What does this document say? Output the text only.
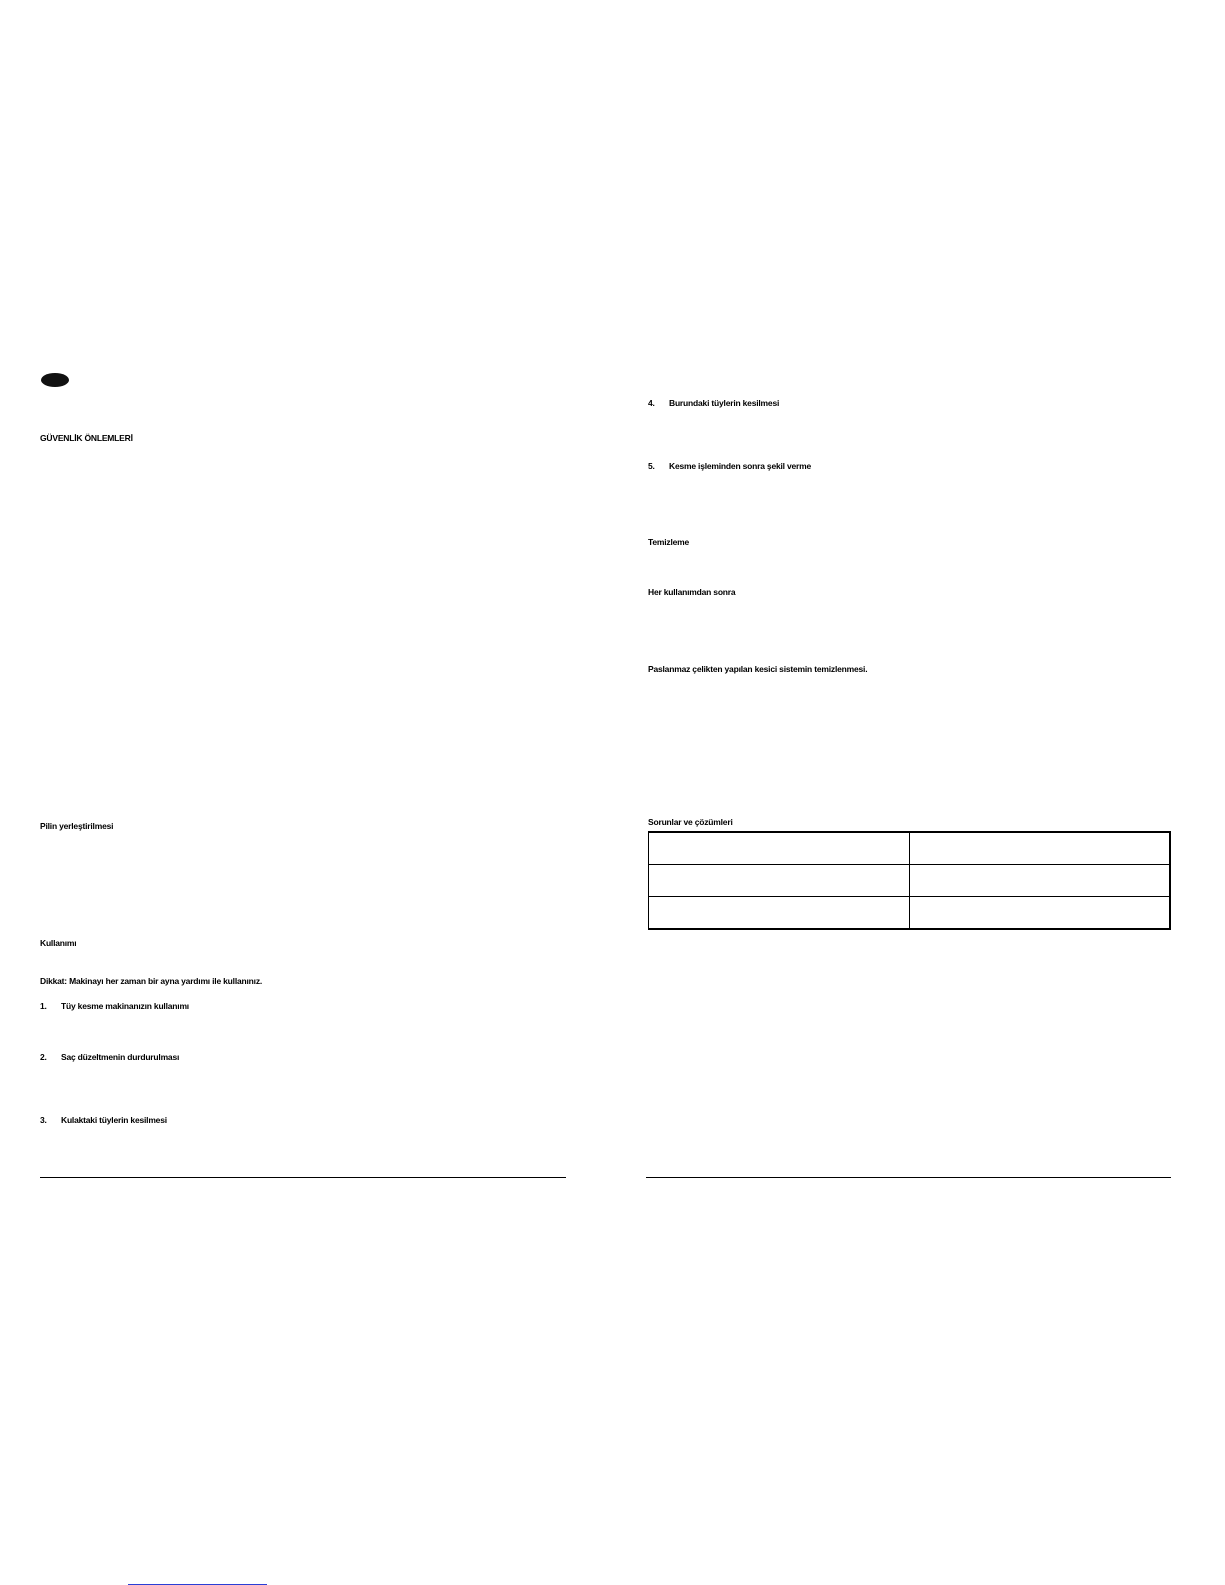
GÜVENLİK ÖNLEMLERİ
Pilin yerleştirilmesi
Kullanımı
Dikkat: Makinayı her zaman bir ayna yardımı ile kullanınız.
1. Tüy kesme makinanızın kullanımı
2. Saç düzeltmenin durdurulması
3. Kulaktaki tüylerin kesilmesi
4. Burundaki tüylerin kesilmesi
5. Kesme işleminden sonra şekil verme
Temizleme
Her kullanımdan sonra
Paslanmaz çelikten yapılan kesici sistemin temizlenmesi.
Sorunlar ve çözümleri
